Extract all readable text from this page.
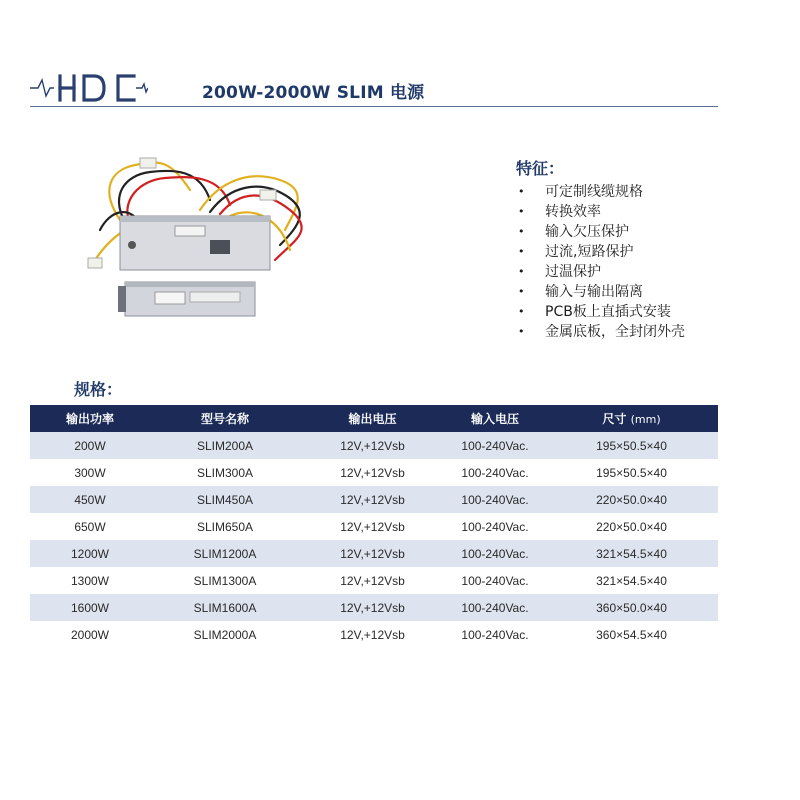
200W-2000W SLIM 电源
特征：
• 可定制线缆规格
• 转换效率
• 输入欠压保护
• 过流,短路保护
• 过温保护
• 输入与输出隔离
• PCB板上直插式安装
• 金属底板，全封闭外壳
规格：
输出功率	型号名称	输出电压	输入电压	尺寸 (mm)
200W	SLIM200A	12V,+12Vsb	100-240Vac.	195×50.5×40
300W	SLIM300A	12V,+12Vsb	100-240Vac.	195×50.5×40
450W	SLIM450A	12V,+12Vsb	100-240Vac.	220×50.0×40
650W	SLIM650A	12V,+12Vsb	100-240Vac.	220×50.0×40
1200W	SLIM1200A	12V,+12Vsb	100-240Vac.	321×54.5×40
1300W	SLIM1300A	12V,+12Vsb	100-240Vac.	321×54.5×40
1600W	SLIM1600A	12V,+12Vsb	100-240Vac.	360×50.0×40
2000W	SLIM2000A	12V,+12Vsb	100-240Vac.	360×54.5×40
